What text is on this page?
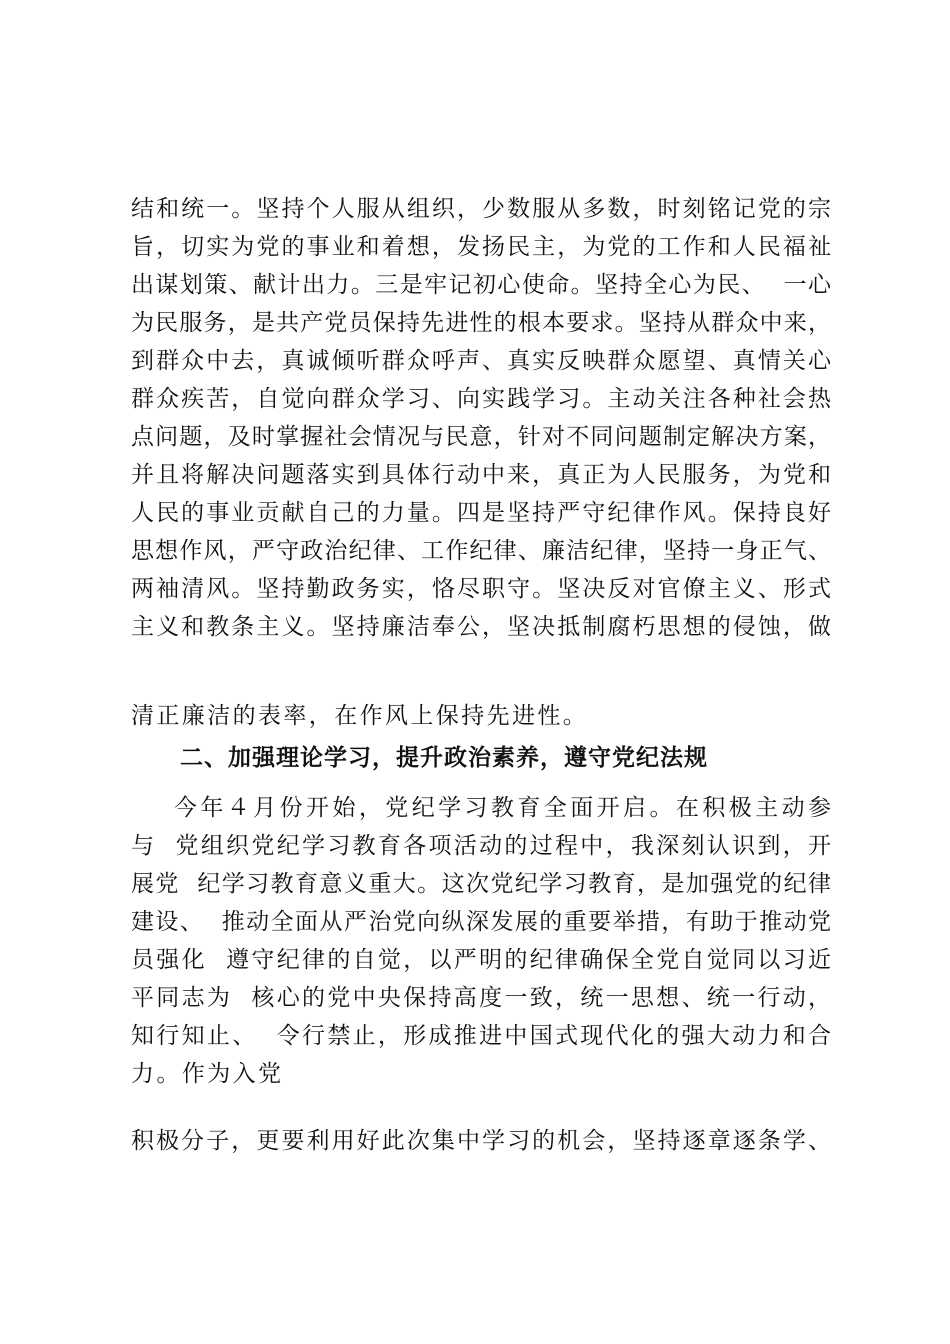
结和统一。坚持个人服从组织，少数服从多数，时刻铭记党的宗
旨，切实为党的事业和着想，发扬民主，为党的工作和人民福祉
出谋划策、献计出力。三是牢记初心使命。坚持全心为民、  一心
为民服务，是共产党员保持先进性的根本要求。坚持从群众中来，
到群众中去，真诚倾听群众呼声、真实反映群众愿望、真情关心
群众疾苦，自觉向群众学习、向实践学习。主动关注各种社会热
点问题，及时掌握社会情况与民意，针对不同问题制定解决方案，
并且将解决问题落实到具体行动中来，真正为人民服务，为党和
人民的事业贡献自己的力量。四是坚持严守纪律作风。保持良好
思想作风，严守政治纪律、工作纪律、廉洁纪律，坚持一身正气、
两袖清风。坚持勤政务实，恪尽职守。坚决反对官僚主义、形式
主义和教条主义。坚持廉洁奉公，坚决抵制腐朽思想的侵蚀，做
清正廉洁的表率，在作风上保持先进性。
二、加强理论学习，提升政治素养，遵守党纪法规
今年４月份开始，党纪学习教育全面开启。在积极主动参
与  党组织党纪学习教育各项活动的过程中，我深刻认识到，开
展党  纪学习教育意义重大。这次党纪学习教育，是加强党的纪律
建设、  推动全面从严治党向纵深发展的重要举措，有助于推动党
员强化  遵守纪律的自觉，以严明的纪律确保全党自觉同以习近
平同志为  核心的党中央保持高度一致，统一思想、统一行动，
知行知止、  令行禁止，形成推进中国式现代化的强大动力和合
力。作为入党
积极分子，更要利用好此次集中学习的机会，坚持逐章逐条学、
